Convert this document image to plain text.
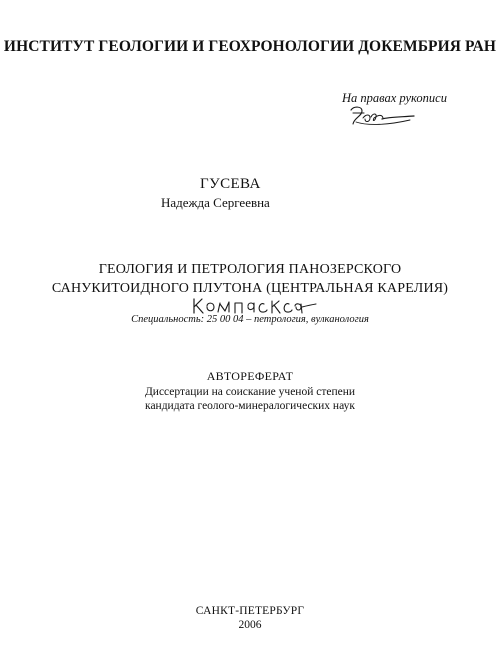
ИНСТИТУТ ГЕОЛОГИИ И ГЕОХРОНОЛОГИИ ДОКЕМБРИЯ РАН
На правах рукописи
ГУСЕВА
Надежда Сергеевна
ГЕОЛОГИЯ И ПЕТРОЛОГИЯ ПАНОЗЕРСКОГО
САНУКИТОИДНОГО ПЛУТОНА (ЦЕНТРАЛЬНАЯ КАРЕЛИЯ)
Специальность: 25 00 04 – петрология, вулканология
АВТОРЕФЕРАТ
Диссертации на соискание ученой степени
кандидата геолого-минералогических наук
САНКТ-ПЕТЕРБУРГ
2006
